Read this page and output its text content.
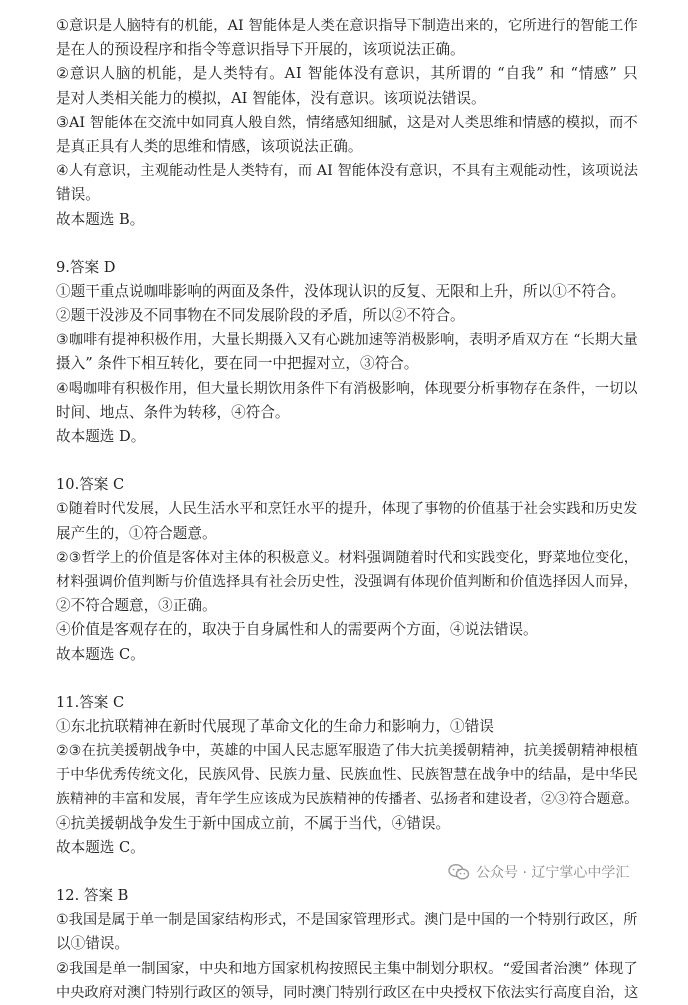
① 意 识 是 人 脑 特 有 的 机 能 ， A I
智 能 体 是 人 类 在 意 识 指 导 下 制 造 出 来 的 ， 它 所 进 行 的 智 能 工 作
是在人的预设程序和指令等意识指导下开展的，该项说法正确。
② 意 识 人 脑 的 机 能 ， 是 人 类 特 有 。 A I
智 能 体 没 有 意 识 ， 其 所 谓 的
“ 自 我 ”
和
“ 情 感 ”
只
是对人类相关能力的模拟，AI 智能体，没有意识。该项说法错误。
③ A I
智 能 体 在 交 流 中 如 同 真 人 般 自 然 ， 情 绪 感 知 细 腻 ， 这 是 对 人 类 思 维 和 情 感 的 模 拟 ， 而 不
是真正具有人类的思维和情感，该项说法正确。
④ 人 有 意 识 ， 主 观 能 动 性 是 人 类 特 有 ， 而
A I
智 能 体 没 有 意 识 ， 不 具 有 主 观 能 动 性 ， 该 项 说 法
错误。
故本题选 B。
9.答案 D
①题干重点说咖啡影响的两面及条件，没体现认识的反复、无限和上升，所以①不符合。
②题干没涉及不同事物在不同发展阶段的矛盾，所以②不符合。
③ 咖 啡 有 提 神 积 极 作 用 ， 大 量 长 期 摄 入 又 有 心 跳 加 速 等 消 极 影 响 ， 表 明 矛 盾 双 方 在
“ 长 期 大 量
摄入” 条件下相互转化，要在同一中把握对立，③符合。
④ 喝 咖 啡 有 积 极 作 用 ， 但 大 量 长 期 饮 用 条 件 下 有 消 极 影 响 ， 体 现 要 分 析 事 物 存 在 条 件 ， 一 切 以
时间、地点、条件为转移，④符合。
故本题选 D。
10.答案 C
① 随 着 时 代 发 展 ， 人 民 生 活 水 平 和 烹 饪 水 平 的 提 升 ， 体 现 了 事 物 的 价 值 基 于 社 会 实 践 和 历 史 发
展产生的，①符合题意。
② ③ 哲 学 上 的 价 值 是 客 体 对 主 体 的 积 极 意 义 。 材 料 强 调 随 着 时 代 和 实 践 变 化 ， 野 菜 地 位 变 化 ，
材 料 强 调 价 值 判 断 与 价 值 选 择 具 有 社 会 历 史 性 ， 没 强 调 有 体 现 价 值 判 断 和 价 值 选 择 因 人 而 异 ，
②不符合题意，③正确。
④价值是客观存在的，取决于自身属性和人的需要两个方面，④说法错误。
故本题选 C。
11.答案 C
①东北抗联精神在新时代展现了革命文化的生命力和影响力，①错误
② ③ 在 抗 美 援 朝 战 争 中 ， 英 雄 的 中 国 人 民 志 愿 军 服 造 了 伟 大 抗 美 援 朝 精 神 ， 抗 美 援 朝 精 神 根 植
于 中 华 优 秀 传 统 文 化 ， 民 族 风 骨 、 民 族 力 量 、 民 族 血 性 、 民 族 智 慧 在 战 争 中 的 结 晶 ， 是 中 华 民
族精神的丰富和发展，青年学生应该成为民族精神的传播者、弘扬者和建设者，②③符合题意。
④抗美援朝战争发生于新中国成立前，不属于当代，④错误。
故本题选 C。
12. 答案 B
① 我 国 是 属 于 单 一 制 是 国 家 结 构 形 式 ， 不 是 国 家 管 理 形 式 。 澳 门 是 中 国 的 一 个 特 别 行 政 区 ， 所
以①错误。
② 我 国 是 单 一 制 国 家 ， 中 央 和 地 方 国 家 机 构 按 照 民 主 集 中 制 划 分 职 权 。 “ 爱 国 者 治 澳 ”
体 现 了
中央政府对澳门特别行政区的领导，同时澳门特别行政区在中央授权下依法实行高度自治，这
公众号 · 辽宁掌心中学汇
